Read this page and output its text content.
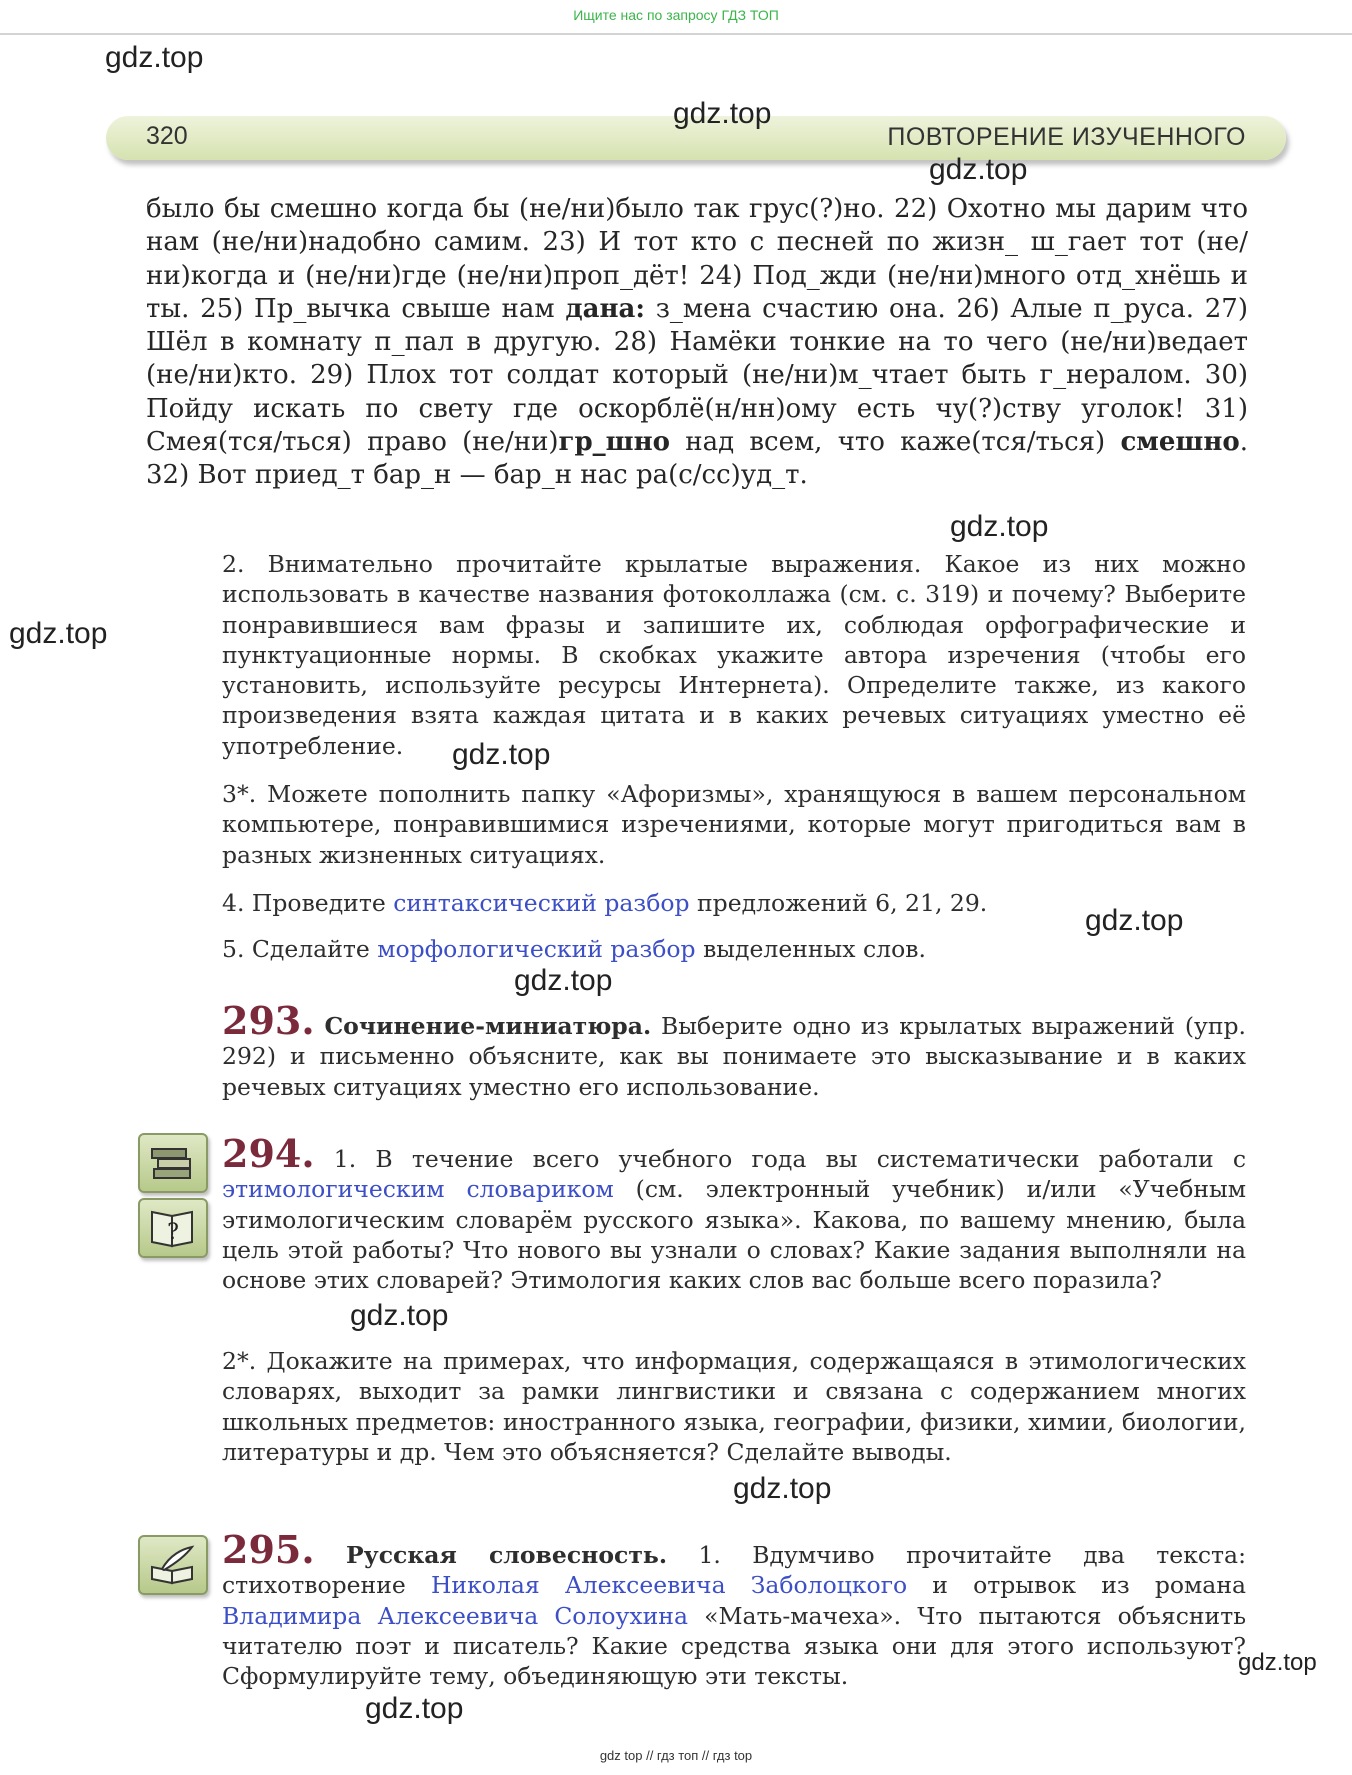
Ищите нас по запросу ГДЗ ТОП
320	ПОВТОРЕНИЕ ИЗУЧЕННОГО

было бы смешно когда бы (не/ни)было так грус(?)но. 22) Охотно мы дарим что нам (не/ни)надобно самим. 23) И тот кто с песней по жизн_ ш_гает тот (не/ни)когда и (не/ни)где (не/ни)проп_дёт! 24) Под_жди (не/ни)много отд_хнёшь и ты. 25) Пр_вычка свыше нам дана: з_мена счастию она. 26) Алые п_руса. 27) Шёл в комнату п_пал в другую. 28) Намёки тонкие на то чего (не/ни)ведает (не/ни)кто. 29) Плох тот солдат который (не/ни)м_чтает быть г_нералом. 30) Пойду искать по свету где оскорблё(н/нн)ому есть чу(?)ству уголок! 31) Смея(тся/ться) право (не/ни)гр_шно над всем, что каже(тся/ться) смешно. 32) Вот приед_т бар_н — бар_н нас ра(с/сс)уд_т.

2. Внимательно прочитайте крылатые выражения. Какое из них можно использовать в качестве названия фотоколлажа (см. с. 319) и почему? Выберите понравившиеся вам фразы и запишите их, соблюдая орфографические и пунктуационные нормы. В скобках укажите автора изречения (чтобы его установить, используйте ресурсы Интернета). Определите также, из какого произведения взята каждая цитата и в каких речевых ситуациях уместно её употребление.

3*. Можете пополнить папку «Афоризмы», хранящуюся в вашем персональном компьютере, понравившимися изречениями, которые могут пригодиться вам в разных жизненных ситуациях.

4. Проведите синтаксический разбор предложений 6, 21, 29.

5. Сделайте морфологический разбор выделенных слов.

293. Сочинение-миниатюра. Выберите одно из крылатых выражений (упр. 292) и письменно объясните, как вы понимаете это высказывание и в каких речевых ситуациях уместно его использование.

?

294. 1. В течение всего учебного года вы систематически работали с этимологическим словариком (см. электронный учебник) и/или «Учебным этимологическим словарём русского языка». Какова, по вашему мнению, была цель этой работы? Что нового вы узнали о словах? Какие задания выполняли на основе этих словарей? Этимология каких слов вас больше всего поразила?

2*. Докажите на примерах, что информация, содержащаяся в этимологических словарях, выходит за рамки лингвистики и связана с содержанием многих школьных предметов: иностранного языка, географии, физики, химии, биологии, литературы и др. Чем это объясняется? Сделайте выводы.

295. Русская словесность. 1. Вдумчиво прочитайте два текста: стихотворение Николая Алексеевича Заболоцкого и отрывок из романа Владимира Алексеевича Солоухина «Мать-мачеха». Что пытаются объяснить читателю поэт и писатель? Какие средства языка они для этого используют? Сформулируйте тему, объединяющую эти тексты.

gdz.top
gdz.top
gdz.top
gdz.top
gdz.top
gdz.top
gdz.top
gdz.top
gdz.top
gdz.top
gdz.top
gdz.top
gdz top // гдз топ // гдз top
